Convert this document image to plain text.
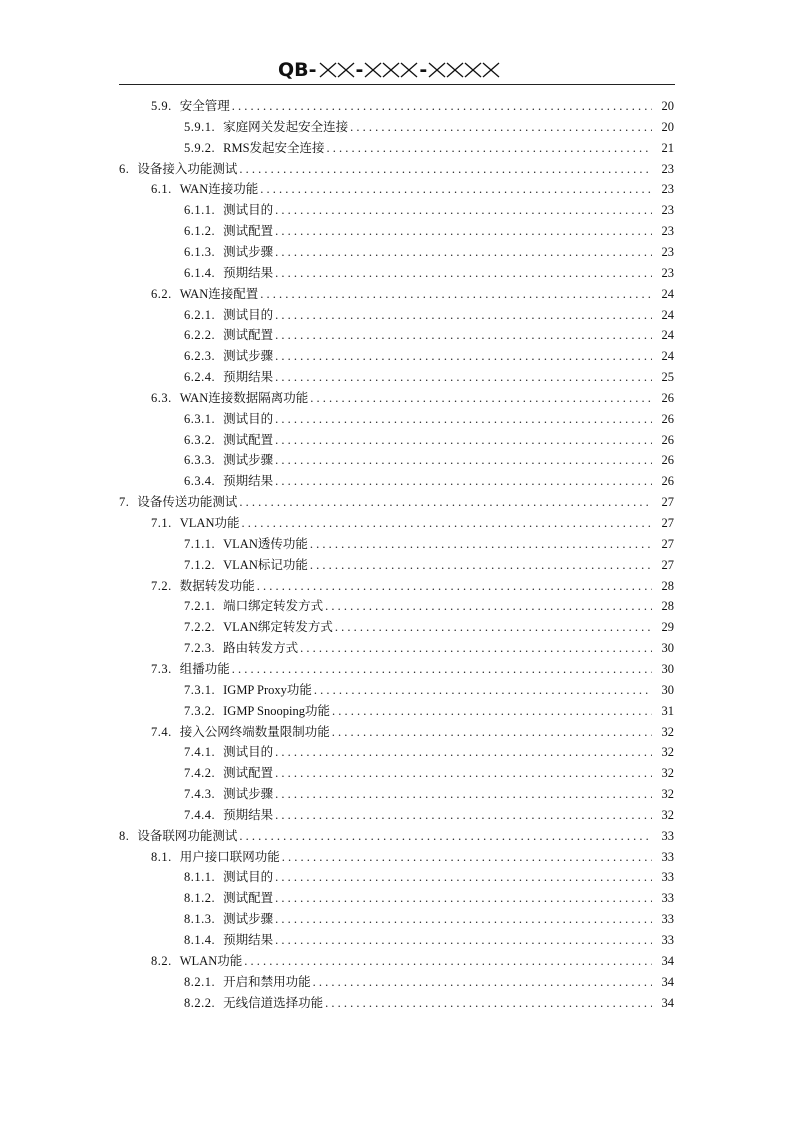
QB- -	-
5.9. 安全管理 . . .	20
5.9.1. 家庭网关发起安全连接 . . .	20
5.9.2. RMS发起安全连接 . . .	21
6. 设备接入功能测试 . . .	23
6.1. WAN连接功能 . . .	23
6.1.1. 测试目的 . . .	23
6.1.2. 测试配置 . . .	23
6.1.3. 测试步骤 . . .	23
6.1.4. 预期结果 . . .	23
6.2. WAN连接配置 . . .	24
6.2.1. 测试目的 . . .	24
6.2.2. 测试配置 . . .	24
6.2.3. 测试步骤 . . .	24
6.2.4. 预期结果 . . .	25
6.3. WAN连接数据隔离功能 . . .	26
6.3.1. 测试目的 . . .	26
6.3.2. 测试配置 . . .	26
6.3.3. 测试步骤 . . .	26
6.3.4. 预期结果 . . .	26
7. 设备传送功能测试 . . .	27
7.1. VLAN功能 . . .	27
7.1.1. VLAN透传功能 . . .	27
7.1.2. VLAN标记功能 . . .	27
7.2. 数据转发功能 . . .	28
7.2.1. 端口绑定转发方式 . . .	28
7.2.2. VLAN绑定转发方式 . . .	29
7.2.3. 路由转发方式 . . .	30
7.3. 组播功能 . . .	30
7.3.1. IGMP Proxy功能 . . .	30
7.3.2. IGMP Snooping功能 . . .	31
7.4. 接入公网终端数量限制功能 . . .	32
7.4.1. 测试目的 . . .	32
7.4.2. 测试配置 . . .	32
7.4.3. 测试步骤 . . .	32
7.4.4. 预期结果 . . .	32
8. 设备联网功能测试 . . .	33
8.1. 用户接口联网功能 . . .	33
8.1.1. 测试目的 . . .	33
8.1.2. 测试配置 . . .	33
8.1.3. 测试步骤 . . .	33
8.1.4. 预期结果 . . .	33
8.2. WLAN功能 . . .	34
8.2.1. 开启和禁用功能 . . .	34
8.2.2. 无线信道选择功能 . . .	34
